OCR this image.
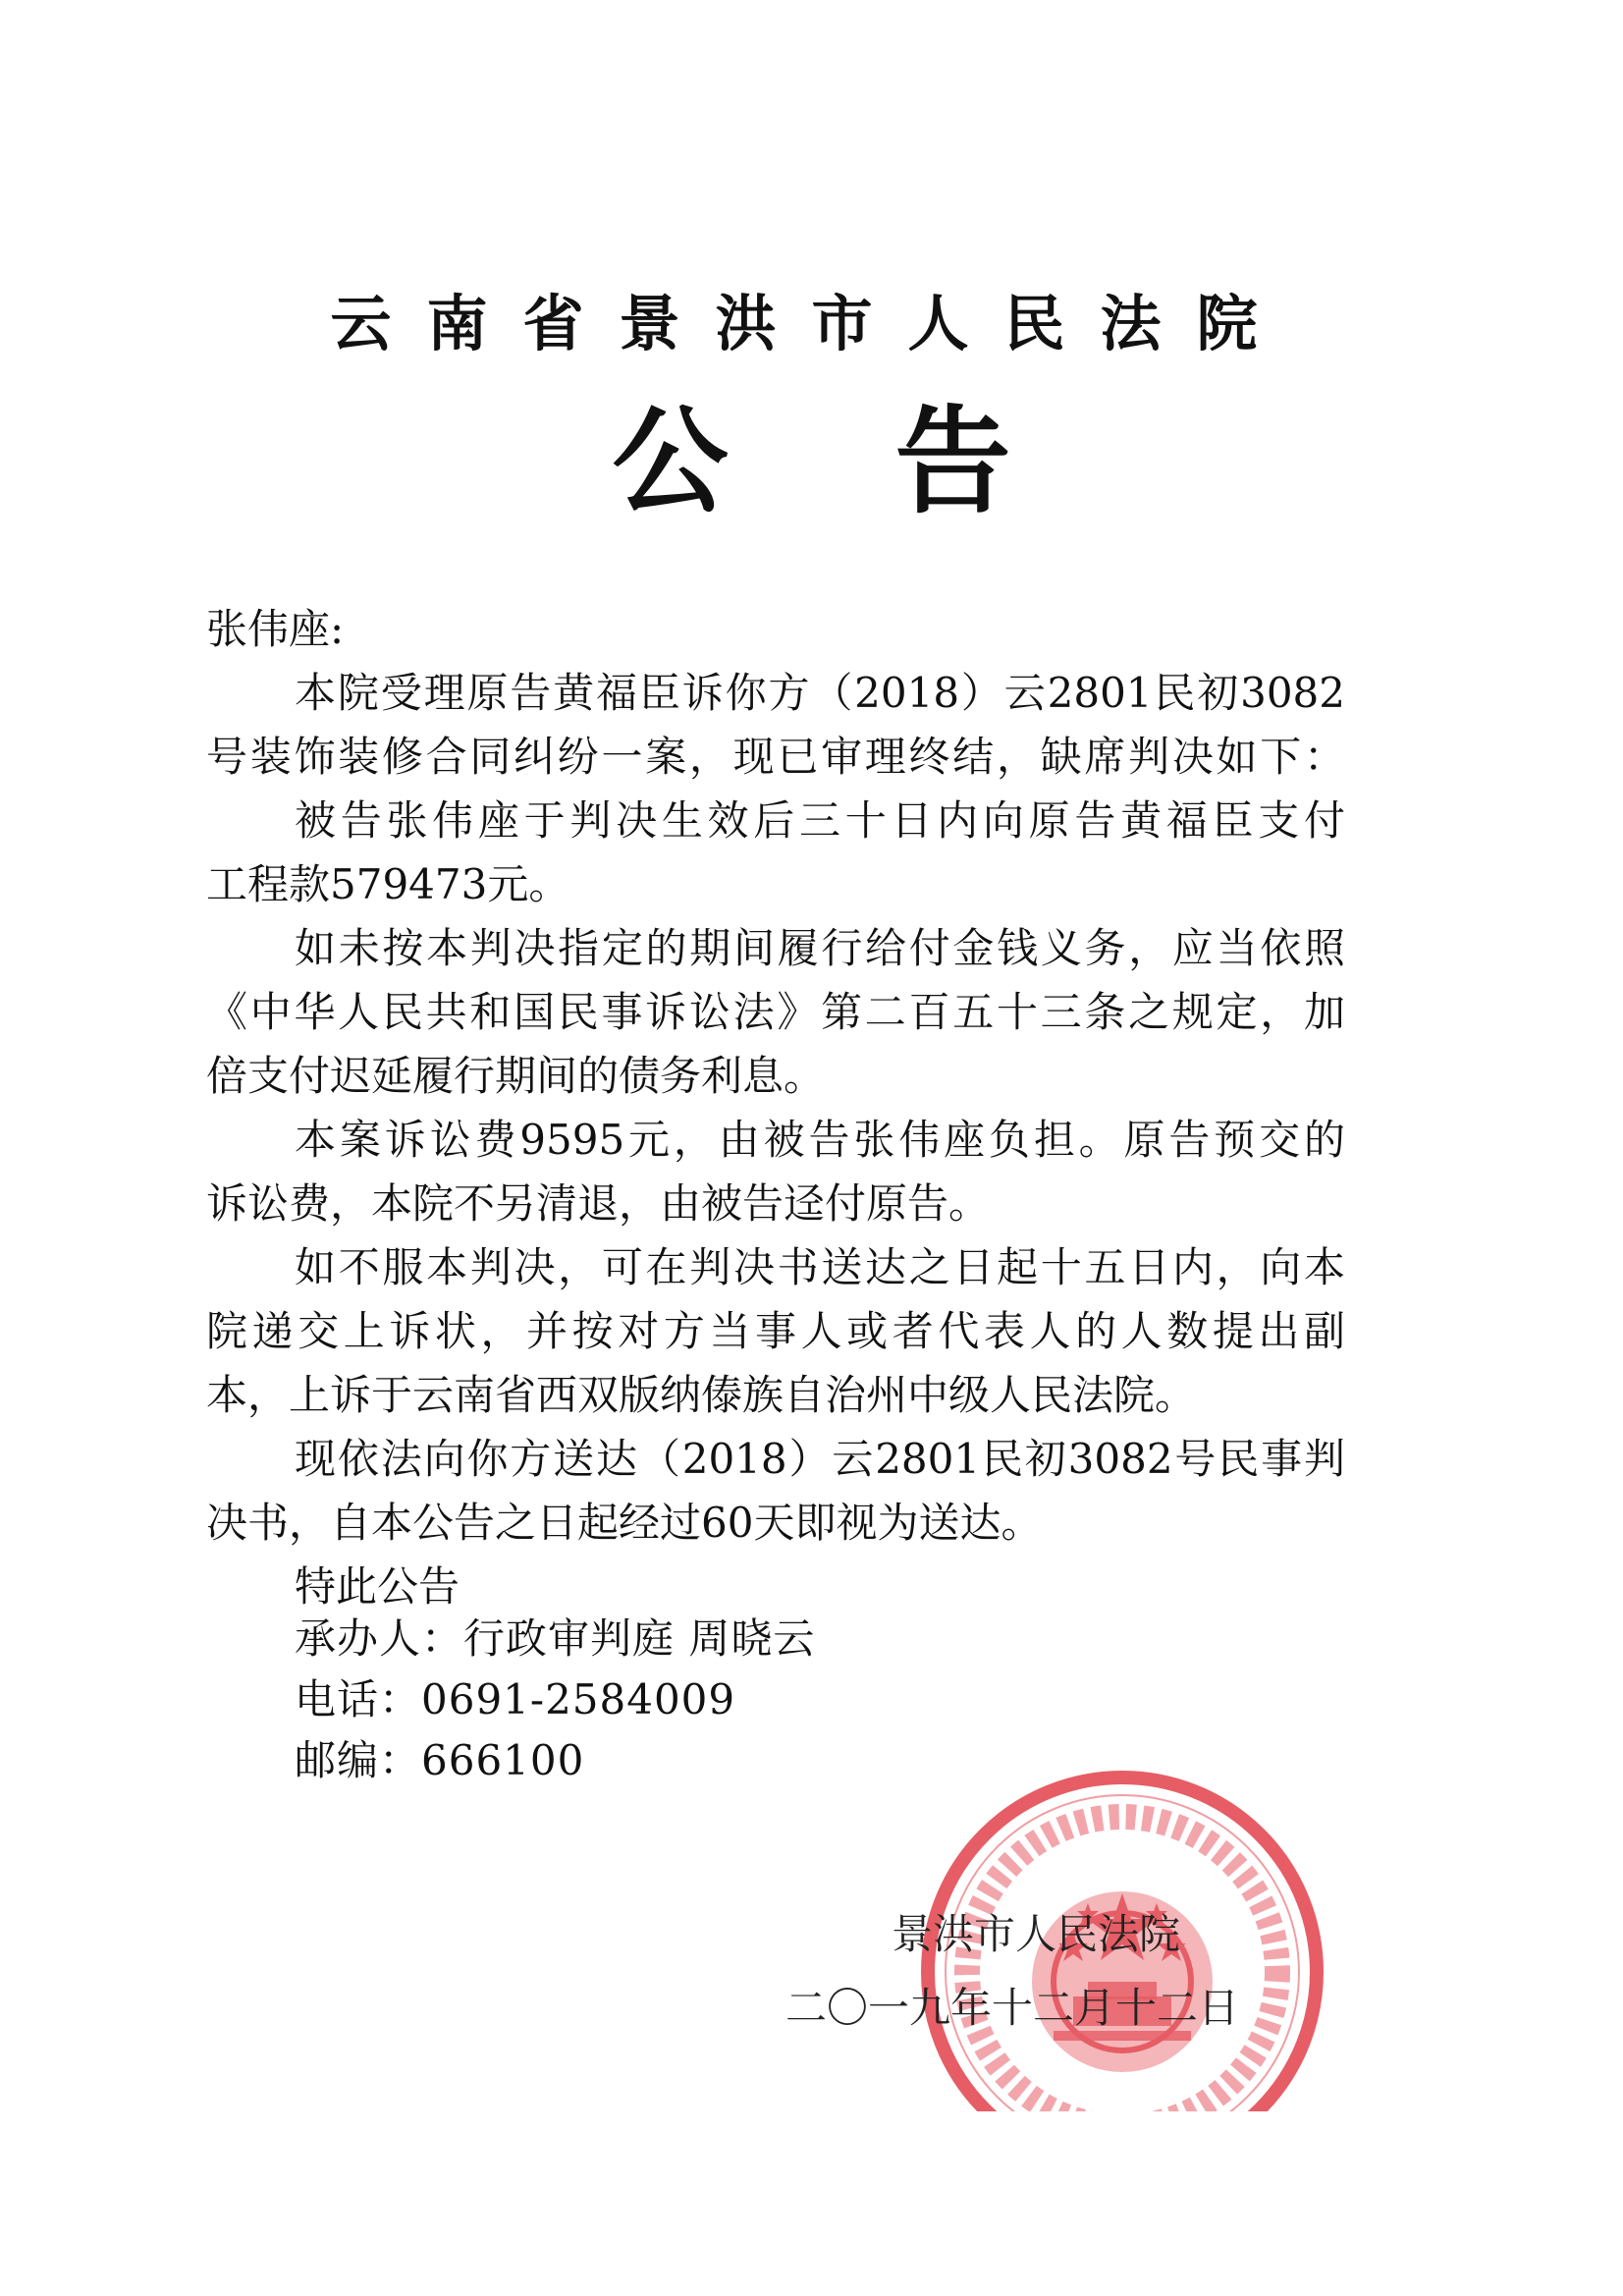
云南省景洪市人民法院
公 告
张伟座:
本院受理原告黄福臣诉你方（2018）云2801民初3082
号装饰装修合同纠纷一案，现已审理终结，缺席判决如下：
被告张伟座于判决生效后三十日内向原告黄福臣支付
工程款579473元。
如未按本判决指定的期间履行给付金钱义务，应当依照
《中华人民共和国民事诉讼法》第二百五十三条之规定，加
倍支付迟延履行期间的债务利息。
本案诉讼费9595元，由被告张伟座负担。原告预交的
诉讼费，本院不另清退，由被告迳付原告。
如不服本判决，可在判决书送达之日起十五日内，向本
院递交上诉状，并按对方当事人或者代表人的人数提出副
本，上诉于云南省西双版纳傣族自治州中级人民法院。
现依法向你方送达（2018）云2801民初3082号民事判
决书，自本公告之日起经过60天即视为送达。
特此公告
承办人：行政审判庭 周晓云
电话：0691-2584009
邮编：666100
景洪市人民法院
二〇一九年十二月十二日
